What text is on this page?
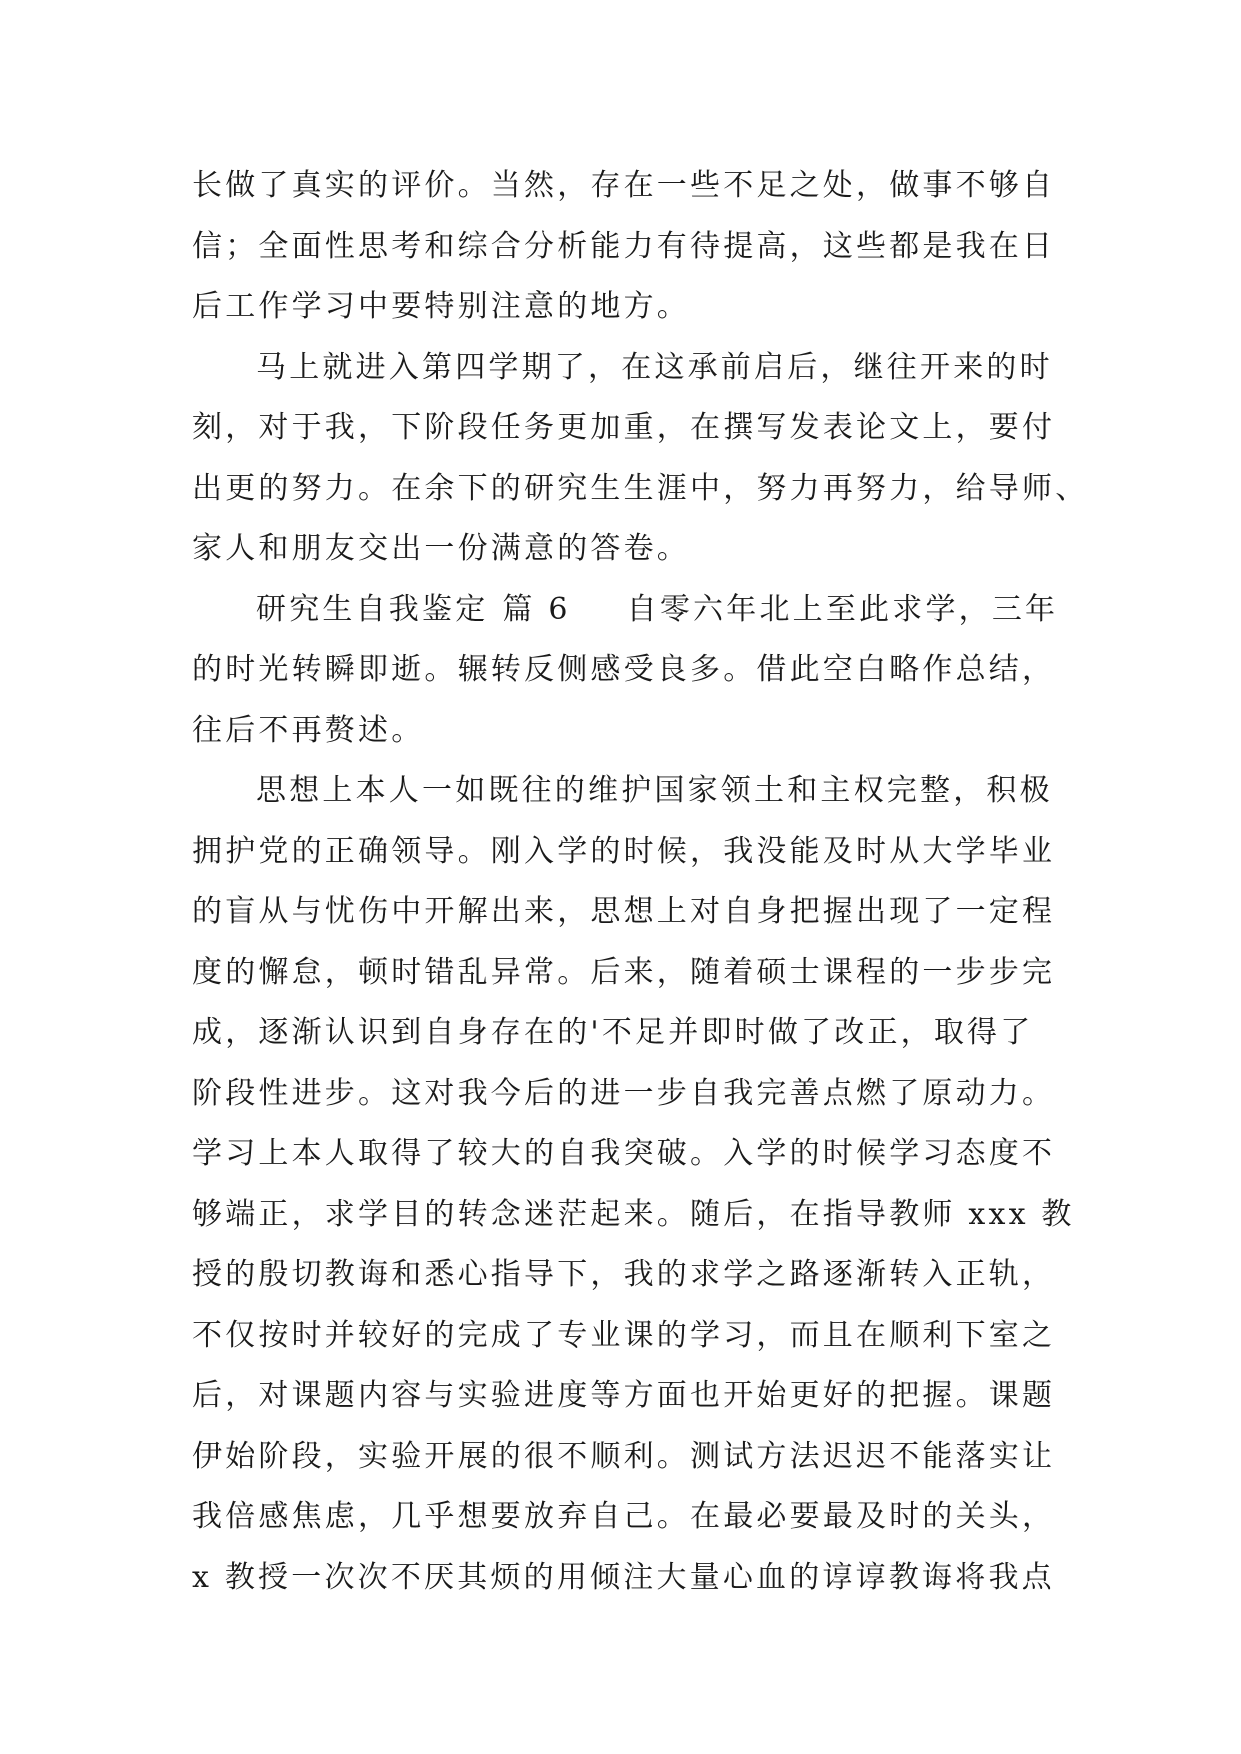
长做了真实的评价。当然，存在一些不足之处，做事不够自
信；全面性思考和综合分析能力有待提高，这些都是我在日
后工作学习中要特别注意的地方。

马上就进入第四学期了，在这承前启后，继往开来的时
刻，对于我，下阶段任务更加重，在撰写发表论文上，要付
出更的努力。在余下的研究生生涯中，努力再努力，给导师、
家人和朋友交出一份满意的答卷。

研究生自我鉴定 篇 6 自零六年北上至此求学，三年
的时光转瞬即逝。辗转反侧感受良多。借此空白略作总结，
往后不再赘述。

思想上本人一如既往的维护国家领土和主权完整，积极
拥护党的正确领导。刚入学的时候，我没能及时从大学毕业
的盲从与忧伤中开解出来，思想上对自身把握出现了一定程
度的懈怠，顿时错乱异常。后来，随着硕士课程的一步步完
成，逐渐认识到自身存在的'不足并即时做了改正，取得了
阶段性进步。这对我今后的进一步自我完善点燃了原动力。
学习上本人取得了较大的自我突破。入学的时候学习态度不
够端正，求学目的转念迷茫起来。随后，在指导教师 xxx 教
授的殷切教诲和悉心指导下，我的求学之路逐渐转入正轨，
不仅按时并较好的完成了专业课的学习，而且在顺利下室之
后，对课题内容与实验进度等方面也开始更好的把握。课题
伊始阶段，实验开展的很不顺利。测试方法迟迟不能落实让
我倍感焦虑，几乎想要放弃自己。在最必要最及时的关头，
x 教授一次次不厌其烦的用倾注大量心血的谆谆教诲将我点
